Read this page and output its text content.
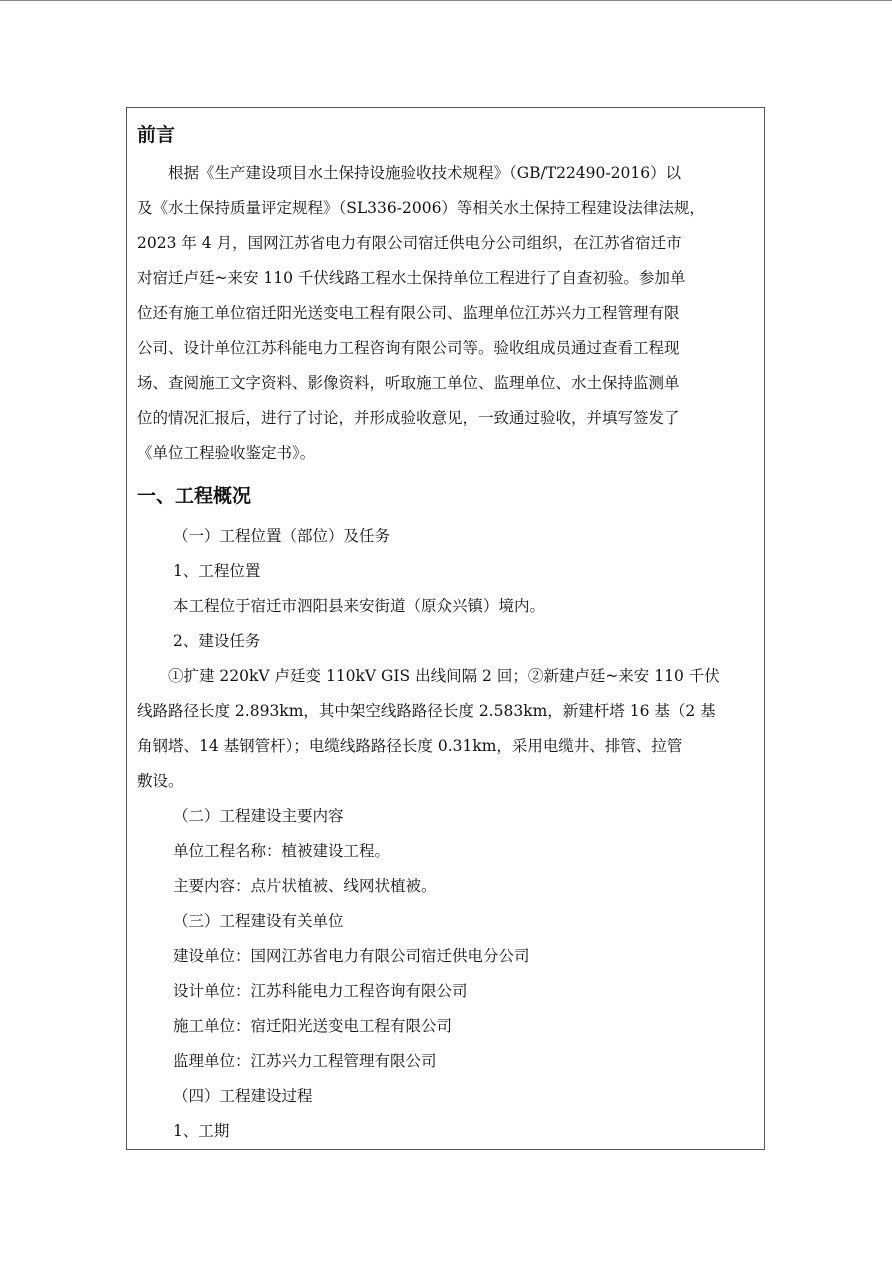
前言
　　根据《生产建设项目水土保持设施验收技术规程》（GB/T22490-2016）以
及《水土保持质量评定规程》（SL336-2006）等相关水土保持工程建设法律法规，
2023 年 4 月，国网江苏省电力有限公司宿迁供电分公司组织，在江苏省宿迁市
对宿迁卢廷~来安 110 千伏线路工程水土保持单位工程进行了自查初验。参加单
位还有施工单位宿迁阳光送变电工程有限公司、监理单位江苏兴力工程管理有限
公司、设计单位江苏科能电力工程咨询有限公司等。验收组成员通过查看工程现
场、查阅施工文字资料、影像资料，听取施工单位、监理单位、水土保持监测单
位的情况汇报后，进行了讨论，并形成验收意见，一致通过验收，并填写签发了
《单位工程验收鉴定书》。
一、工程概况
（一）工程位置（部位）及任务
1、工程位置
本工程位于宿迁市泗阳县来安街道（原众兴镇）境内。
2、建设任务
　　①扩建 220kV 卢廷变 110kV GIS 出线间隔 2 回；②新建卢廷~来安 110 千伏
线路路径长度 2.893km，其中架空线路路径长度 2.583km，新建杆塔 16 基（2 基
角钢塔、14 基钢管杆）；电缆线路路径长度 0.31km，采用电缆井、排管、拉管
敷设。
（二）工程建设主要内容
单位工程名称：植被建设工程。
主要内容：点片状植被、线网状植被。
（三）工程建设有关单位
建设单位：国网江苏省电力有限公司宿迁供电分公司
设计单位：江苏科能电力工程咨询有限公司
施工单位：宿迁阳光送变电工程有限公司
监理单位：江苏兴力工程管理有限公司
（四）工程建设过程
1、工期
